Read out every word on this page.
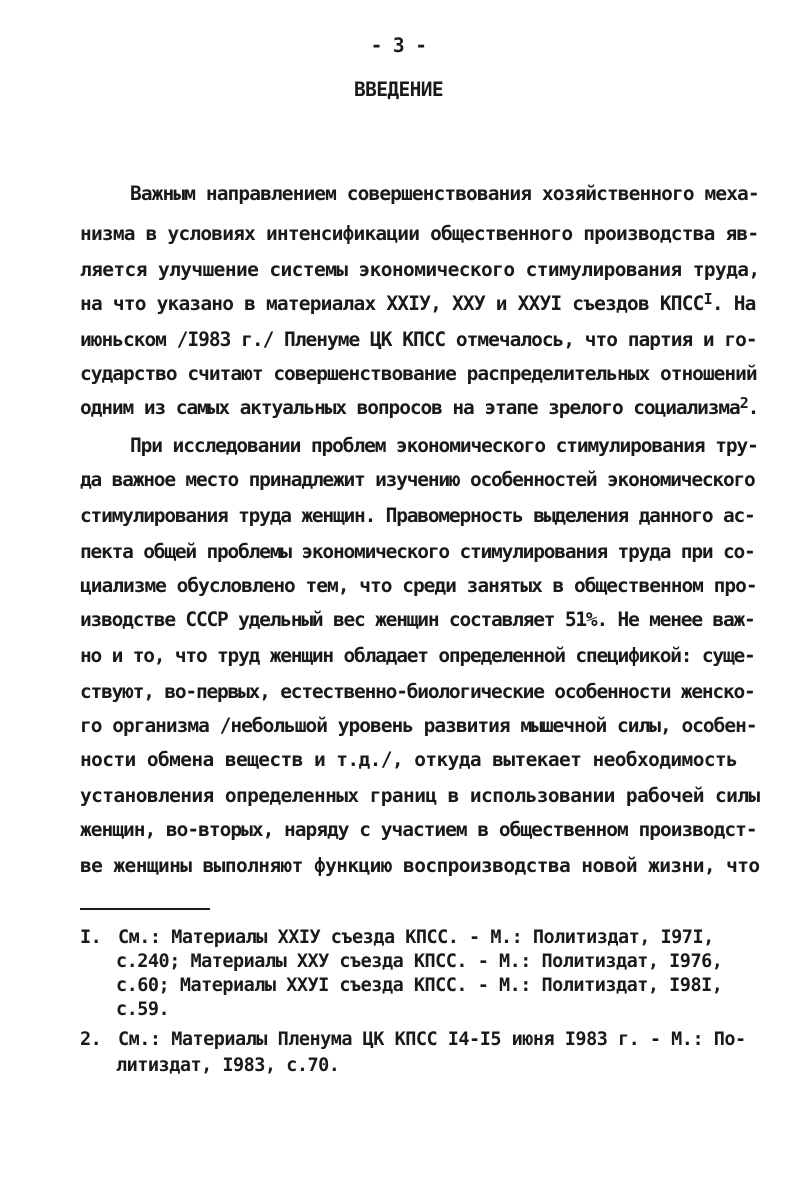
- 3 -
ВВЕДЕНИЕ
Важным направлением совершенствования хозяйственного меха-
низма в условиях интенсификации общественного производства яв-
ляется улучшение системы экономического стимулирования труда,
на что указано в материалах XXIУ, XXУ и XXУI съездов $КПСС^I$. На
июньском /I983 г./ Пленуме ЦК КПСС отмечалось, что партия и го-
сударство считают совершенствование распределительных отношений
одним из самых актуальных вопросов на этапе зрелого социализма$^2$.
При исследовании проблем экономического стимулирования тру-
да важное место принадлежит изучению особенностей экономического
стимулирования труда женщин. Правомерность выделения данного ас-
пекта общей проблемы экономического стимулирования труда при со-
циализме обусловлено тем, что среди занятых в общественном про-
изводстве СССР удельный вес женщин составляет 51%. Не менее важ-
но и то, что труд женщин обладает определенной спецификой: суще-
ствуют, во-первых, естественно-биологические особенности женско-
го организма /небольшой уровень развития мышечной силы, особен-
ности обмена веществ и т.д./, откуда вытекает необходимость
установления определенных границ в использовании рабочей силы
женщин, во-вторых, наряду с участием в общественном производст-
ве женщины выполняют функцию воспроизводства новой жизни, что
I. См.: Материалы XXIУ съезда КПСС. - М.: Политиздат, I97I,
с.240; Материалы XXУ съезда КПСС. - М.: Политиздат, I976,
с.60; Материалы XXУI съезда КПСС. - М.: Политиздат, I98I,
с.59.
2. См.: Материалы Пленума ЦК КПСС I4-I5 июня I983 г. - М.: По-
литиздат, I983, с.70.
